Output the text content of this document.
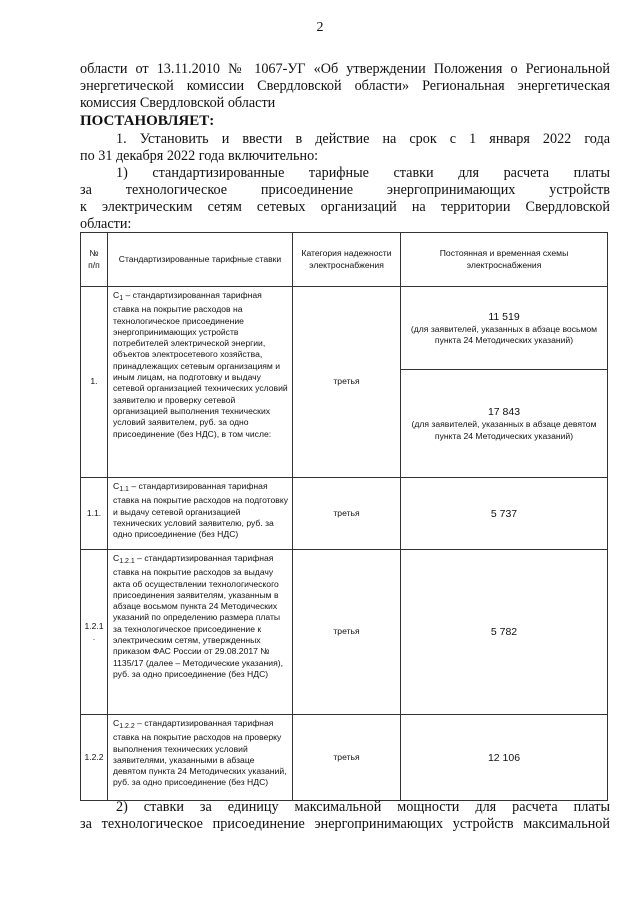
2
области от 13.11.2010 № 1067-УГ «Об утверждении Положения о Региональной
энергетической комиссии Свердловской области» Региональная энергетическая
комиссия Свердловской области
ПОСТАНОВЛЯЕТ:
1. Установить и ввести в действие на срок с 1 января 2022 года
по 31 декабря 2022 года включительно:
1) стандартизированные тарифные ставки для расчета платы
за технологическое присоединение энергопринимающих устройств
к электрическим сетям сетевых организаций на территории Свердловской
области:
№ п/п	Стандартизированные тарифные ставки	Категория надежности электроснабжения	Постоянная и временная схемы электроснабжения
1.	$С_1$ – стандартизированная тарифная ставка на покрытие расходов на технологическое присоединение энергопринимающих устройств потребителей электрической энергии, объектов электросетевого хозяйства, принадлежащих сетевым организациям и иным лицам, на подготовку и выдачу сетевой организацией технических условий заявителю и проверку сетевой организацией выполнения технических условий заявителем, руб. за одно присоединение (без НДС), в том числе:	третья	11 519
(для заявителей, указанных в абзаце восьмом пункта 24 Методических указаний)

			17 843
(для заявителей, указанных в абзаце девятом пункта 24 Методических указаний)
1.1.	$С_{1.1}$ – стандартизированная тарифная ставка на покрытие расходов на подготовку и выдачу сетевой организацией технических условий заявителю, руб. за одно присоединение (без НДС)	третья	5 737

1.2.1
.	$С_{1.2.1}$ – стандартизированная тарифная ставка на покрытие расходов за выдачу акта об осуществлении технологического присоединения заявителям, указанным в абзаце восьмом пункта 24 Методических указаний по определению размера платы за технологическое присоединение к электрическим сетям, утвержденных приказом ФАС России от 29.08.2017 № 1135/17 (далее – Методические указания), руб. за одно присоединение (без НДС)	третья	5 782

1.2.2	$С_{1.2.2}$ – стандартизированная тарифная ставка на покрытие расходов на проверку выполнения технических условий заявителями, указанными в абзаце девятом пункта 24 Методических указаний, руб. за одно присоединение (без НДС)	третья	12 106
2) ставки за единицу максимальной мощности для расчета платы
за технологическое присоединение энергопринимающих устройств максимальной
